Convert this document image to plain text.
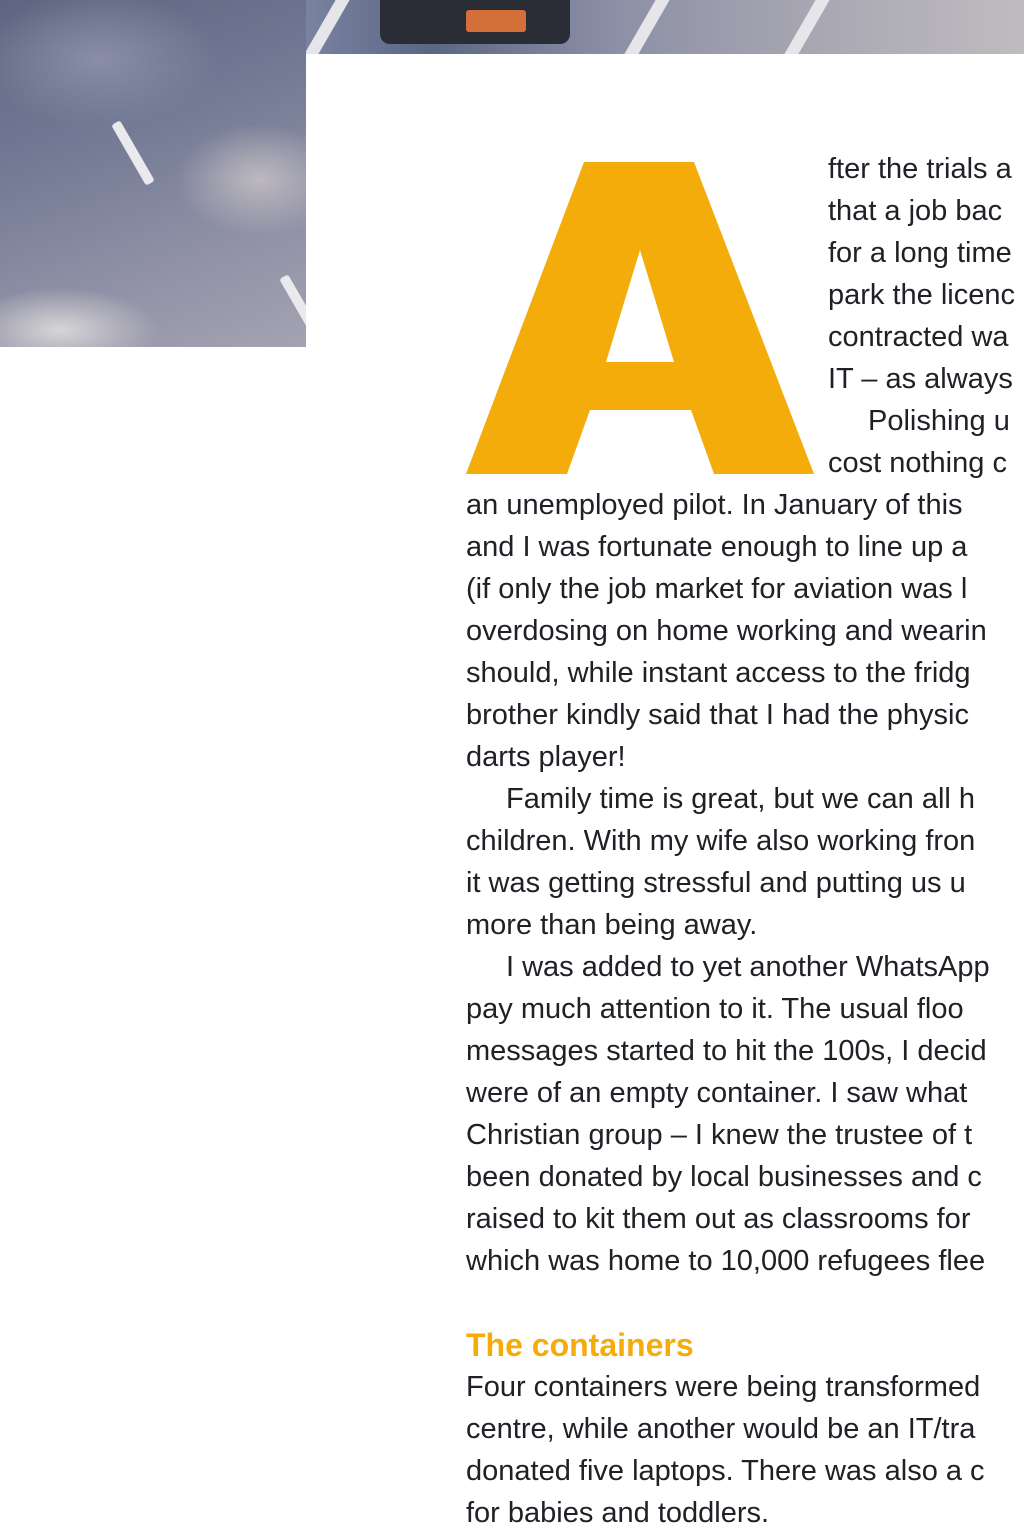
fter the trials a
that a job bac
for a long time
park the licenc
contracted wa
IT – as always
Polishing u
cost nothing c
an unemployed pilot. In January of this
and I was fortunate enough to line up a
(if only the job market for aviation was l
overdosing on home working and wearin
should, while instant access to the fridg
brother kindly said that I had the physic
darts player!
Family time is great, but we can all h
children. With my wife also working fron
it was getting stressful and putting us u
more than being away.
I was added to yet another WhatsApp
pay much attention to it. The usual floo
messages started to hit the 100s, I decid
were of an empty container. I saw what
Christian group – I knew the trustee of t
been donated by local businesses and c
raised to kit them out as classrooms for
which was home to 10,000 refugees flee
The containers
Four containers were being transformed
centre, while another would be an IT/tra
donated five laptops. There was also a c
for babies and toddlers.
